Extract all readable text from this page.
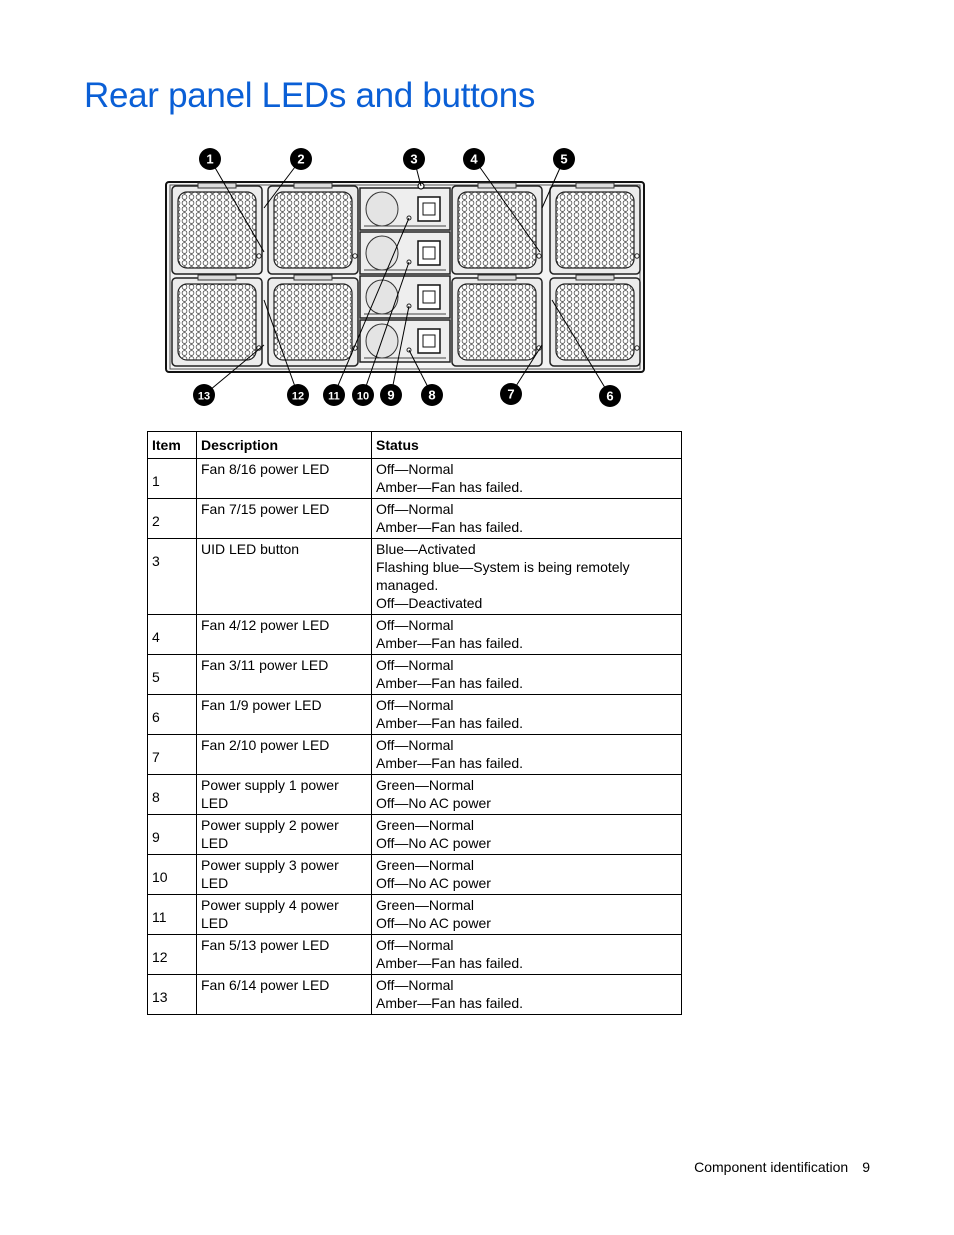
Rear panel LEDs and buttons
1	2	3	4	5
6
7
8
9
10
11
12
13
Item	Description	Status
1	Fan 8/16 power LED	Off—Normal
Amber—Fan has failed.

2	Fan 7/15 power LED	Off—Normal
Amber—Fan has failed.

3	UID LED button	Blue—Activated
Flashing blue—System is being remotely managed.
Off—Deactivated

4	Fan 4/12 power LED	Off—Normal
Amber—Fan has failed.

5	Fan 3/11 power LED	Off—Normal
Amber—Fan has failed.

6	Fan 1/9 power LED	Off—Normal
Amber—Fan has failed.

7	Fan 2/10 power LED	Off—Normal
Amber—Fan has failed.

8	Power supply 1 power LED	Green—Normal
Off—No AC power

9	Power supply 2 power LED	Green—Normal
Off—No AC power

10	Power supply 3 power LED	Green—Normal
Off—No AC power

11	Power supply 4 power LED	Green—Normal
Off—No AC power

12	Fan 5/13 power LED	Off—Normal
Amber—Fan has failed.

13	Fan 6/14 power LED	Off—Normal
Amber—Fan has failed.
Component identification 9
